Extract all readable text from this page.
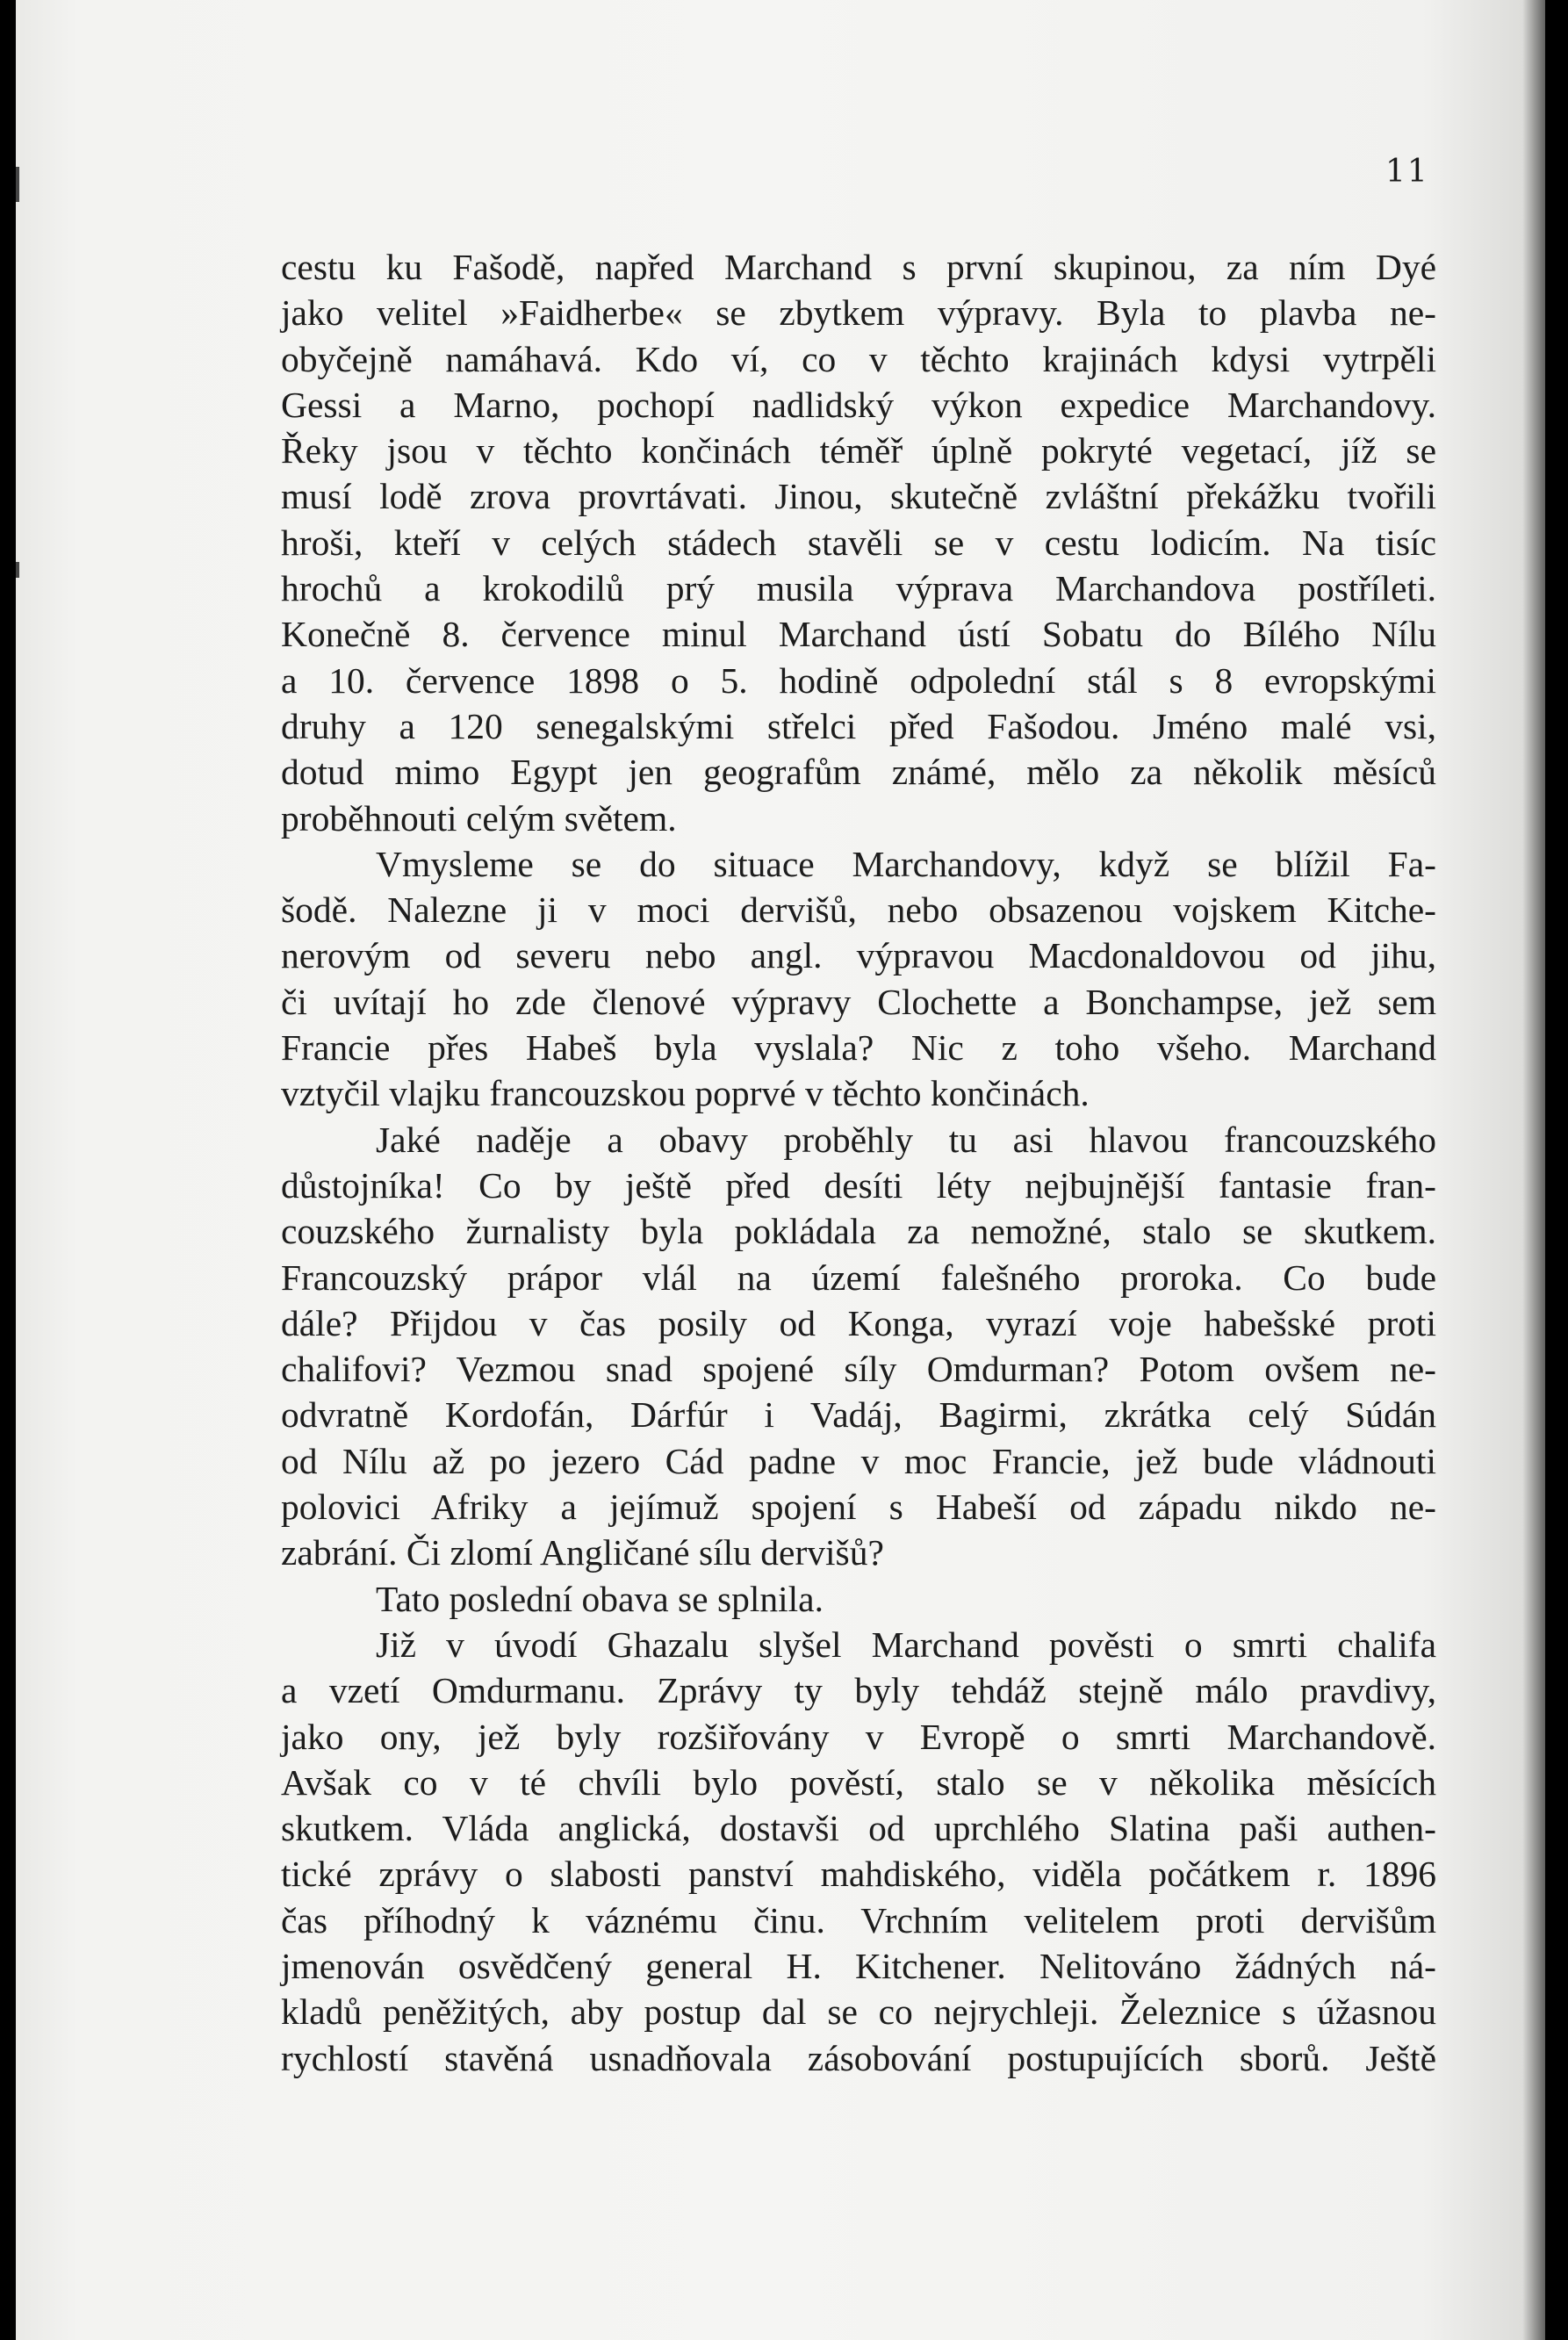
11
cestu ku Fašodě, napřed Marchand s první skupinou, za ním Dyé
jako velitel »Faidherbe« se zbytkem výpravy. Byla to plavba ne-
obyčejně namáhavá. Kdo ví, co v těchto krajinách kdysi vytrpěli
Gessi a Marno, pochopí nadlidský výkon expedice Marchandovy.
Řeky jsou v těchto končinách téměř úplně pokryté vegetací, jíž se
musí lodě zrova provrtávati. Jinou, skutečně zvláštní překážku tvořili
hroši, kteří v celých stádech stavěli se v cestu lodicím. Na tisíc
hrochů a krokodilů prý musila výprava Marchandova postříleti.
Konečně 8. července minul Marchand ústí Sobatu do Bílého Nílu
a 10. července 1898 o 5. hodině odpolední stál s 8 evropskými
druhy a 120 senegalskými střelci před Fašodou. Jméno malé vsi,
dotud mimo Egypt jen geografům známé, mělo za několik měsíců
proběhnouti celým světem.
Vmysleme se do situace Marchandovy, když se blížil Fa-
šodě. Nalezne ji v moci dervišů, nebo obsazenou vojskem Kitche-
nerovým od severu nebo angl. výpravou Macdonaldovou od jihu,
či uvítají ho zde členové výpravy Clochette a Bonchampse, jež sem
Francie přes Habeš byla vyslala? Nic z toho všeho. Marchand
vztyčil vlajku francouzskou poprvé v těchto končinách.
Jaké naděje a obavy proběhly tu asi hlavou francouzského
důstojníka! Co by ještě před desíti léty nejbujnější fantasie fran-
couzského žurnalisty byla pokládala za nemožné, stalo se skutkem.
Francouzský prápor vlál na území falešného proroka. Co bude
dále? Přijdou v čas posily od Konga, vyrazí voje habešské proti
chalifovi? Vezmou snad spojené síly Omdurman? Potom ovšem ne-
odvratně Kordofán, Dárfúr i Vadáj, Bagirmi, zkrátka celý Súdán
od Nílu až po jezero Cád padne v moc Francie, jež bude vládnouti
polovici Afriky a jejímuž spojení s Habeší od západu nikdo ne-
zabrání. Či zlomí Angličané sílu dervišů?
Tato poslední obava se splnila.
Již v úvodí Ghazalu slyšel Marchand pověsti o smrti chalifa
a vzetí Omdurmanu. Zprávy ty byly tehdáž stejně málo pravdivy,
jako ony, jež byly rozšiřovány v Evropě o smrti Marchandově.
Avšak co v té chvíli bylo pověstí, stalo se v několika měsících
skutkem. Vláda anglická, dostavši od uprchlého Slatina paši authen-
tické zprávy o slabosti panství mahdiského, viděla počátkem r. 1896
čas příhodný k váznému činu. Vrchním velitelem proti dervišům
jmenován osvědčený general H. Kitchener. Nelitováno žádných ná-
kladů peněžitých, aby postup dal se co nejrychleji. Železnice s úžasnou
rychlostí stavěná usnadňovala zásobování postupujících sborů. Ještě
